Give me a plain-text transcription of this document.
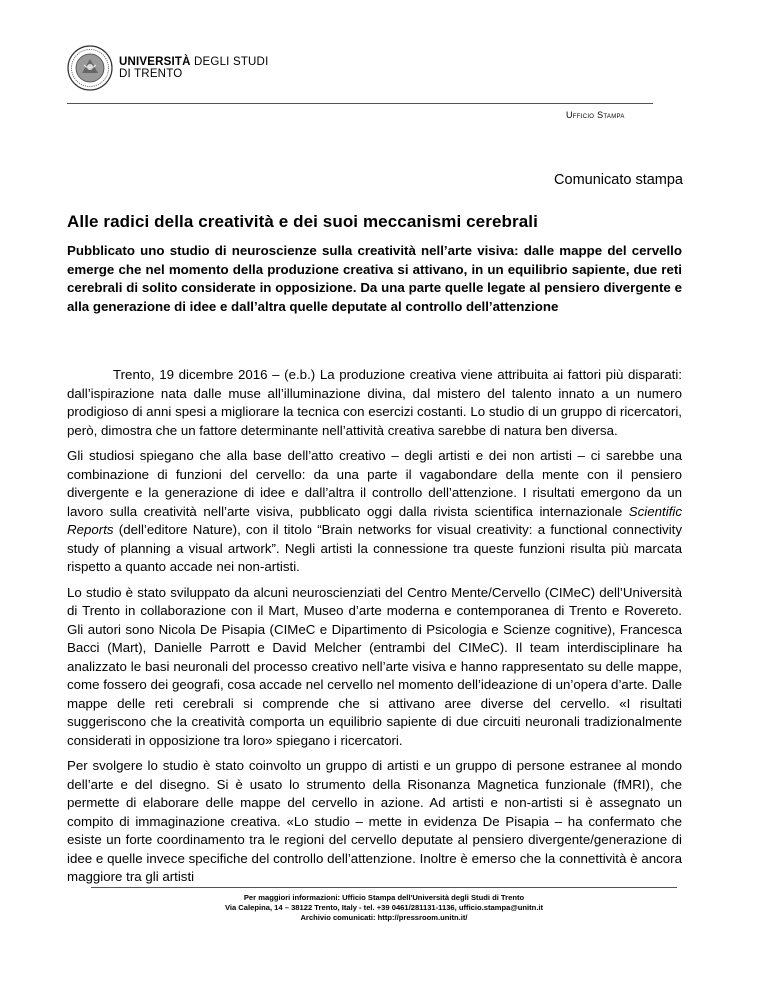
UNIVERSITÀ DEGLI STUDI
DI TRENTO
Ufficio Stampa
Comunicato stampa
Alle radici della creatività e dei suoi meccanismi cerebrali
Pubblicato uno studio di neuroscienze sulla creatività nell’arte visiva: dalle mappe del cervello emerge che nel momento della produzione creativa si attivano, in un equilibrio sapiente, due reti cerebrali di solito considerate in opposizione. Da una parte quelle legate al pensiero divergente e alla generazione di idee e dall’altra quelle deputate al controllo dell’attenzione

Trento, 19 dicembre 2016 – (e.b.) La produzione creativa viene attribuita ai fattori più disparati: dall’ispirazione nata dalle muse all’illuminazione divina, dal mistero del talento innato a un numero prodigioso di anni spesi a migliorare la tecnica con esercizi costanti. Lo studio di un gruppo di ricercatori, però, dimostra che un fattore determinante nell’attività creativa sarebbe di natura ben diversa.

Gli studiosi spiegano che alla base dell’atto creativo – degli artisti e dei non artisti – ci sarebbe una combinazione di funzioni del cervello: da una parte il vagabondare della mente con il pensiero divergente e la generazione di idee e dall’altra il controllo dell’attenzione. I risultati emergono da un lavoro sulla creatività nell’arte visiva, pubblicato oggi dalla rivista scientifica internazionale Scientific Reports (dell’editore Nature), con il titolo “Brain networks for visual creativity: a functional connectivity study of planning a visual artwork”. Negli artisti la connessione tra queste funzioni risulta più marcata rispetto a quanto accade nei non-artisti.

Lo studio è stato sviluppato da alcuni neuroscienziati del Centro Mente/Cervello (CIMeC) dell’Università di Trento in collaborazione con il Mart, Museo d’arte moderna e contemporanea di Trento e Rovereto. Gli autori sono Nicola De Pisapia (CIMeC e Dipartimento di Psicologia e Scienze cognitive), Francesca Bacci (Mart), Danielle Parrott e David Melcher (entrambi del CIMeC). Il team interdisciplinare ha analizzato le basi neuronali del processo creativo nell’arte visiva e hanno rappresentato su delle mappe, come fossero dei geografi, cosa accade nel cervello nel momento dell’ideazione di un’opera d’arte. Dalle mappe delle reti cerebrali si comprende che si attivano aree diverse del cervello. «I risultati suggeriscono che la creatività comporta un equilibrio sapiente di due circuiti neuronali tradizionalmente considerati in opposizione tra loro» spiegano i ricercatori.

Per svolgere lo studio è stato coinvolto un gruppo di artisti e un gruppo di persone estranee al mondo dell’arte e del disegno. Si è usato lo strumento della Risonanza Magnetica funzionale (fMRI), che permette di elaborare delle mappe del cervello in azione. Ad artisti e non-artisti si è assegnato un compito di immaginazione creativa. «Lo studio – mette in evidenza De Pisapia – ha confermato che esiste un forte coordinamento tra le regioni del cervello deputate al pensiero divergente/generazione di idee e quelle invece specifiche del controllo dell’attenzione. Inoltre è emerso che la connettività è ancora maggiore tra gli artisti

Per maggiori informazioni: Ufficio Stampa dell'Università degli Studi di Trento
Via Calepina, 14 – 38122 Trento, Italy - tel. +39 0461/281131-1136, ufficio.stampa@unitn.it
Archivio comunicati: http://pressroom.unitn.it/
